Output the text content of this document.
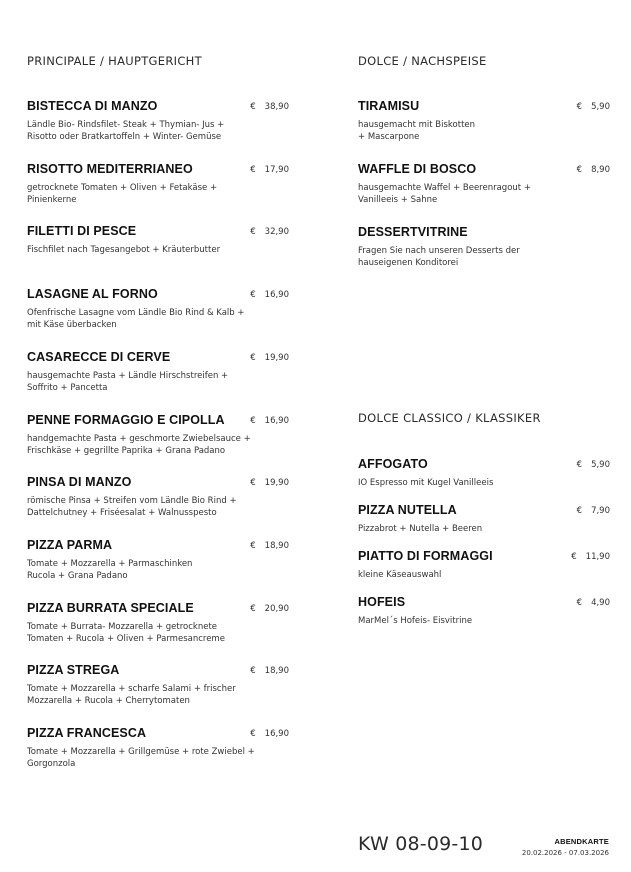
PRINCIPALE / HAUPTGERICHT
BISTECCA DI MANZO	€ 38,90
Ländle Bio- Rindsfilet- Steak + Thymian- Jus +
Risotto oder Bratkartoffeln + Winter- Gemüse
RISOTTO MEDITERRIANEO	€ 17,90
getrocknete Tomaten + Oliven + Fetakäse +
Pinienkerne
FILETTI DI PESCE	€ 32,90
Fischfilet nach Tagesangebot + Kräuterbutter
LASAGNE AL FORNO	€ 16,90
Ofenfrische Lasagne vom Ländle Bio Rind & Kalb +
mit Käse überbacken
CASARECCE DI CERVE	€ 19,90
hausgemachte Pasta + Ländle Hirschstreifen +
Soffrito + Pancetta
PENNE FORMAGGIO E CIPOLLA	€ 16,90
handgemachte Pasta + geschmorte Zwiebelsauce +
Frischkäse + gegrillte Paprika + Grana Padano
PINSA DI MANZO	€ 19,90
römische Pinsa + Streifen vom Ländle Bio Rind +
Dattelchutney + Friséesalat + Walnusspesto
PIZZA PARMA	€ 18,90
Tomate + Mozzarella + Parmaschinken
Rucola + Grana Padano
PIZZA BURRATA SPECIALE	€ 20,90
Tomate + Burrata- Mozzarella + getrocknete
Tomaten + Rucola + Oliven + Parmesancreme
PIZZA STREGA	€ 18,90
Tomate + Mozzarella + scharfe Salami + frischer
Mozzarella + Rucola + Cherrytomaten
PIZZA FRANCESCA	€ 16,90
Tomate + Mozzarella + Grillgemüse + rote Zwiebel +
Gorgonzola
DOLCE / NACHSPEISE
TIRAMISU	€ 5,90
hausgemacht mit Biskotten
+ Mascarpone
WAFFLE DI BOSCO	€ 8,90
hausgemachte Waffel + Beerenragout +
Vanilleeis + Sahne
DESSERTVITRINE
Fragen Sie nach unseren Desserts der
hauseigenen Konditorei
DOLCE CLASSICO / KLASSIKER
AFFOGATO	€ 5,90
IO Espresso mit Kugel Vanilleeis
PIZZA NUTELLA	€ 7,90
Pizzabrot + Nutella + Beeren
PIATTO DI FORMAGGI	€ 11,90
kleine Käseauswahl
HOFEIS	€ 4,90
MarMel´s Hofeis- Eisvitrine
KW 08-09-10	ABENDKARTE
20.02.2026 - 07.03.2026
